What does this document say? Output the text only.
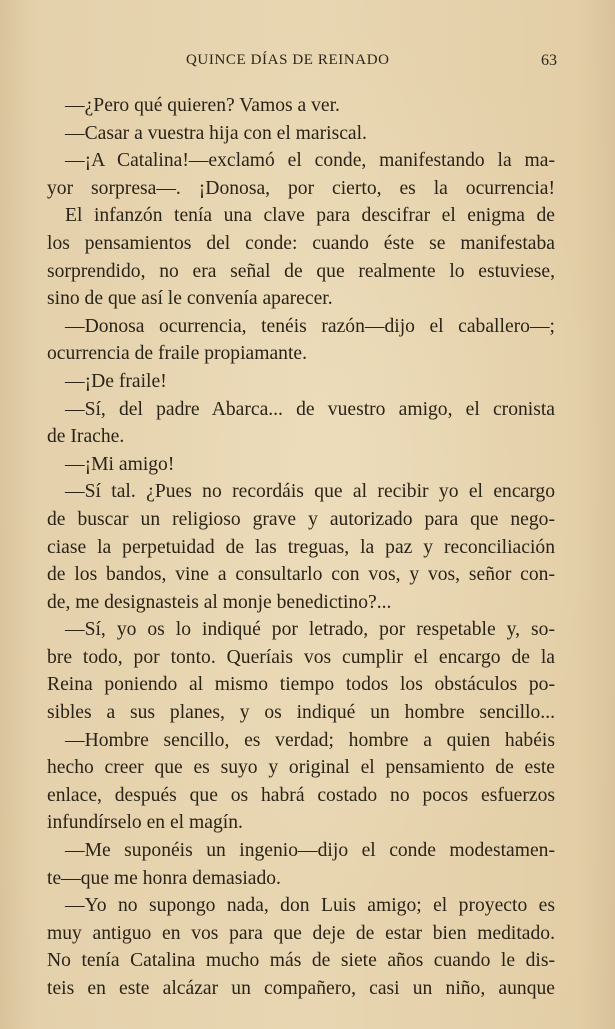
QUINCE DÍAS DE REINADO	63
—¿Pero qué quieren? Vamos a ver.
—Casar a vuestra hija con el mariscal.
—¡A Catalina!—exclamó el conde, manifestando la ma-
yor sorpresa—. ¡Donosa, por cierto, es la ocurrencia!
El infanzón tenía una clave para descifrar el enigma de
los pensamientos del conde: cuando éste se manifestaba
sorprendido, no era señal de que realmente lo estuviese,
sino de que así le convenía aparecer.
—Donosa ocurrencia, tenéis razón—dijo el caballero—;
ocurrencia de fraile propiamante.
—¡De fraile!
—Sí, del padre Abarca... de vuestro amigo, el cronista
de Irache.
—¡Mi amigo!
—Sí tal. ¿Pues no recordáis que al recibir yo el encargo
de buscar un religioso grave y autorizado para que nego-
ciase la perpetuidad de las treguas, la paz y reconciliación
de los bandos, vine a consultarlo con vos, y vos, señor con-
de, me designasteis al monje benedictino?...
—Sí, yo os lo indiqué por letrado, por respetable y, so-
bre todo, por tonto. Queríais vos cumplir el encargo de la
Reina poniendo al mismo tiempo todos los obstáculos po-
sibles a sus planes, y os indiqué un hombre sencillo...
—Hombre sencillo, es verdad; hombre a quien habéis
hecho creer que es suyo y original el pensamiento de este
enlace, después que os habrá costado no pocos esfuerzos
infundírselo en el magín.
—Me suponéis un ingenio—dijo el conde modestamen-
te—que me honra demasiado.
—Yo no supongo nada, don Luis amigo; el proyecto es
muy antiguo en vos para que deje de estar bien meditado.
No tenía Catalina mucho más de siete años cuando le dis-
teis en este alcázar un compañero, casi un niño, aunque
